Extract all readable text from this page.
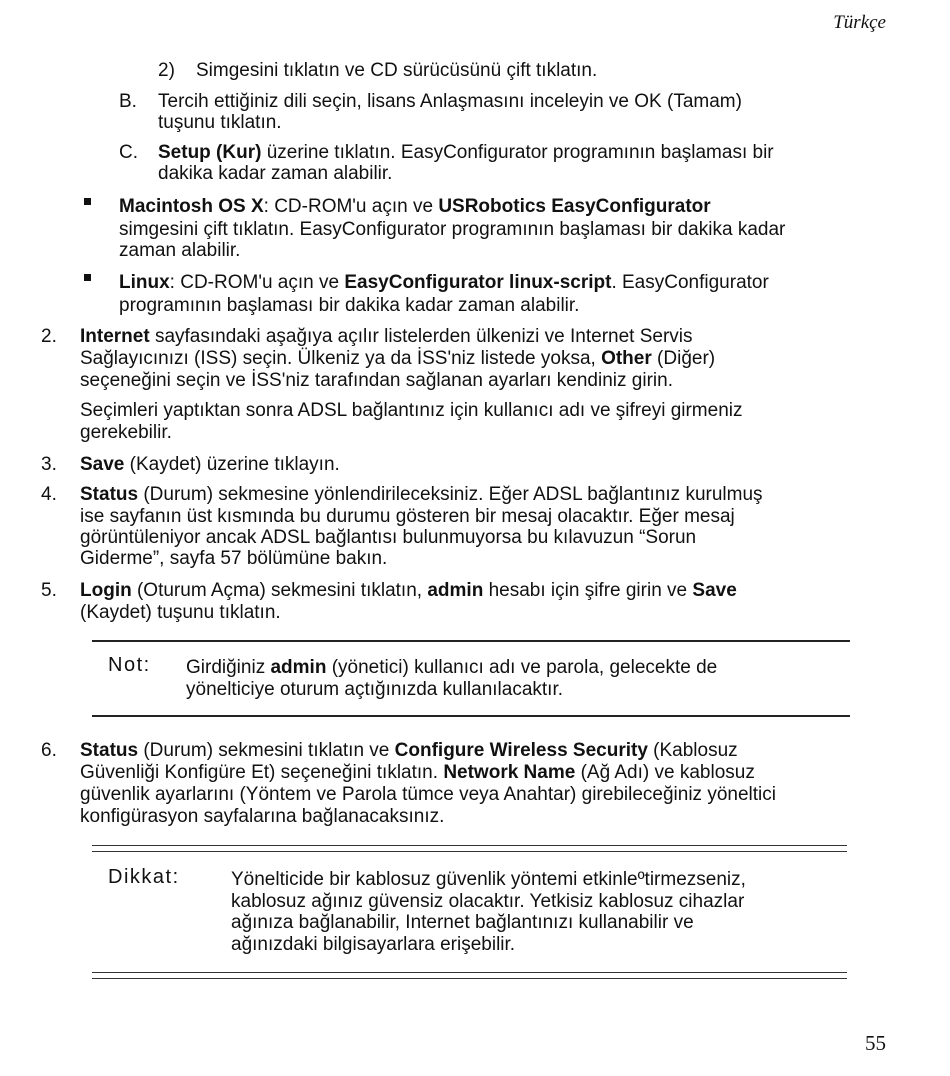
Türkçe
2) Simgesini tıklatın ve CD sürücüsünü çift tıklatın.
B. Tercih ettiğiniz dili seçin, lisans Anlaşmasını inceleyin ve OK (Tamam)
tuşunu tıklatın.
C. Setup (Kur) üzerine tıklatın. EasyConfigurator programının başlaması bir
dakika kadar zaman alabilir.
Macintosh OS X: CD-ROM'u açın ve USRobotics EasyConfigurator
simgesini çift tıklatın. EasyConfigurator programının başlaması bir dakika kadar
zaman alabilir.
Linux: CD-ROM'u açın ve EasyConfigurator linux-script. EasyConfigurator
programının başlaması bir dakika kadar zaman alabilir.
2. Internet sayfasındaki aşağıya açılır listelerden ülkenizi ve Internet Servis
Sağlayıcınızı (ISS) seçin. Ülkeniz ya da İSS'niz listede yoksa, Other (Diğer)
seçeneğini seçin ve İSS'niz tarafından sağlanan ayarları kendiniz girin.
Seçimleri yaptıktan sonra ADSL bağlantınız için kullanıcı adı ve şifreyi girmeniz
gerekebilir.
3. Save (Kaydet) üzerine tıklayın.
4. Status (Durum) sekmesine yönlendirileceksiniz. Eğer ADSL bağlantınız kurulmuş
ise sayfanın üst kısmında bu durumu gösteren bir mesaj olacaktır. Eğer mesaj
görüntüleniyor ancak ADSL bağlantısı bulunmuyorsa bu kılavuzun “Sorun
Giderme”, sayfa 57 bölümüne bakın.
5. Login (Oturum Açma) sekmesini tıklatın, admin hesabı için şifre girin ve Save
(Kaydet) tuşunu tıklatın.
Not: Girdiğiniz admin (yönetici) kullanıcı adı ve parola, gelecekte de
yönelticiye oturum açtığınızda kullanılacaktır.
6. Status (Durum) sekmesini tıklatın ve Configure Wireless Security (Kablosuz
Güvenliği Konfigüre Et) seçeneğini tıklatın. Network Name (Ağ Adı) ve kablosuz
güvenlik ayarlarını (Yöntem ve Parola tümce veya Anahtar) girebileceğiniz yöneltici
konfigürasyon sayfalarına bağlanacaksınız.
Dikkat:	Yönelticide bir kablosuz güvenlik yöntemi etkinleºtirmezseniz,
kablosuz ağınız güvensiz olacaktır. Yetkisiz kablosuz cihazlar
ağınıza bağlanabilir, Internet bağlantınızı kullanabilir ve
ağınızdaki bilgisayarlara erişebilir.
55
